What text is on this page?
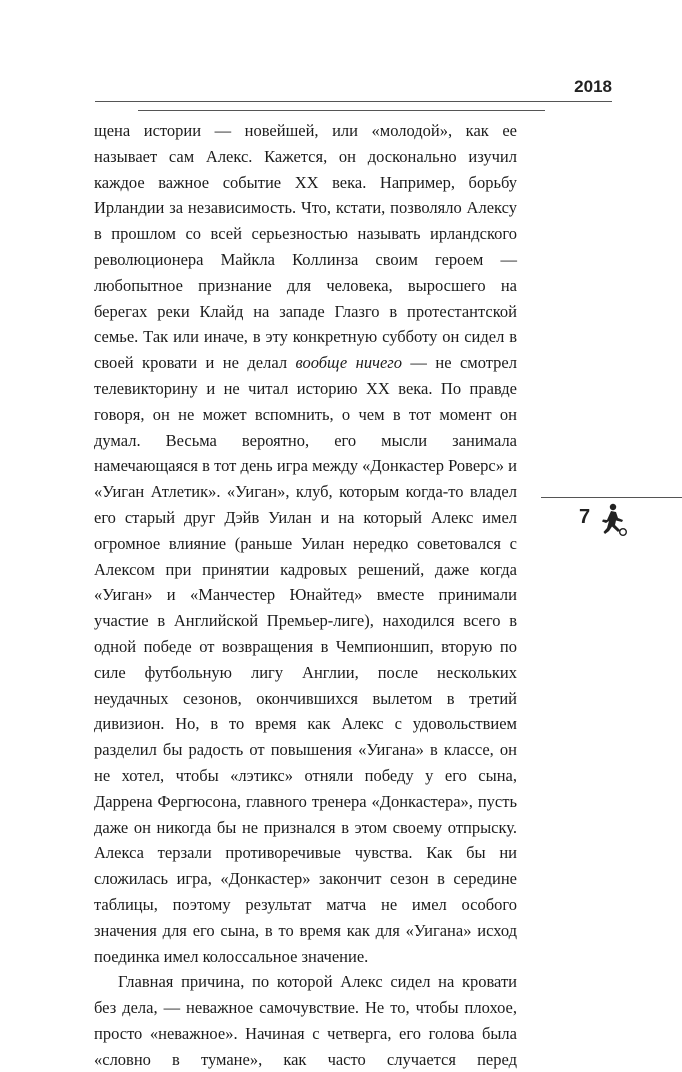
2018

щена истории — новейшей, или «молодой», как ее называет сам Алекс. Кажется, он досконально изучил каждое важное событие XX века. Например, борьбу Ирландии за независимость. Что, кстати, позволяло Алексу в прошлом со всей серьезностью называть ирландского революционера Майкла Коллинза своим героем — любопытное признание для человека, выросшего на берегах реки Клайд на западе Глазго в протестантской семье. Так или иначе, в эту конкретную субботу он сидел в своей кровати и не делал вообще ничего — не смотрел телевикторину и не читал историю XX века. По правде говоря, он не может вспомнить, о чем в тот момент он думал. Весьма вероятно, его мысли занимала намечающаяся в тот день игра между «Донкастер Роверс» и «Уиган Атлетик». «Уиган», клуб, которым когда-то владел его старый друг Дэйв Уилан и на который Алекс имел огромное влияние (раньше Уилан нередко советовался с Алексом при принятии кадровых решений, даже когда «Уиган» и «Манчестер Юнайтед» вместе принимали участие в Английской Премьер-лиге), находился всего в одной победе от возвращения в Чемпионшип, вторую по силе футбольную лигу Англии, после нескольких неудачных сезонов, окончившихся вылетом в третий дивизион. Но, в то время как Алекс с удовольствием разделил бы радость от повышения «Уигана» в классе, он не хотел, чтобы «лэтикс» отняли победу у его сына, Даррена Фергюсона, главного тренера «Донкастера», пусть даже он никогда бы не признался в этом своему отпрыску. Алекса терзали противоречивые чувства. Как бы ни сложилась игра, «Донкастер» закончит сезон в середине таблицы, поэтому результат матча не имел особого значения для его сына, в то время как для «Уигана» исход поединка имел колоссальное значение.

Главная причина, по которой Алекс сидел на кровати без дела, — неважное самочувствие. Не то, чтобы плохое, просто «неважное». Начиная с четверга, его голова была «словно в тумане», как часто случается перед

7
